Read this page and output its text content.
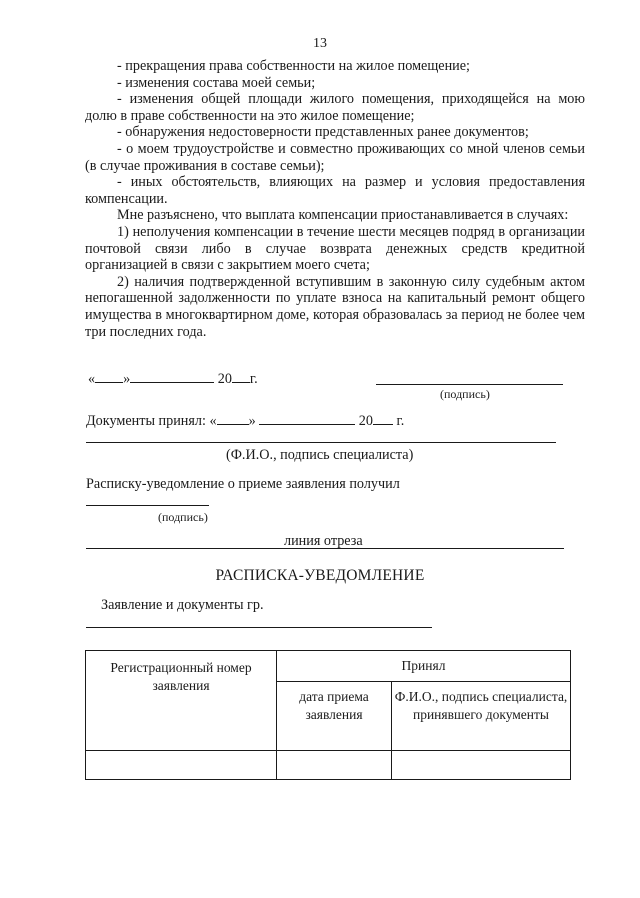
13

- прекращения права собственности на жилое помещение;

- изменения состава моей семьи;

- изменения общей площади жилого помещения, приходящейся на мою долю в праве собственности на это жилое помещение;

- обнаружения недостоверности представленных ранее документов;

- о моем трудоустройстве и совместно проживающих со мной членов семьи (в случае проживания в составе семьи);

- иных обстоятельств, влияющих на размер и условия предоставления компенсации.

Мне разъяснено, что выплата компенсации приостанавливается в случаях:

1) неполучения компенсации в течение шести месяцев подряд в организации почтовой связи либо в случае возврата денежных средств кредитной организацией в связи с закрытием моего счета;

2) наличия подтвержденной вступившим в законную силу судебным актом непогашенной задолженности по уплате взноса на капитальный ремонт общего имущества в многоквартирном доме, которая образовалась за период не более чем три последних года.

« »	20 г.
(подпись)
Документы принял: « »	20 г.
(Ф.И.О., подпись специалиста)
Расписку-уведомление о приеме заявления получил
(подпись)
линия отреза
РАСПИСКА-УВЕДОМЛЕНИЕ
Заявление и документы гр.
Регистрационный номер заявления	Принял	
	дата приема заявления	Ф.И.О., подпись специалиста, принявшего документы
